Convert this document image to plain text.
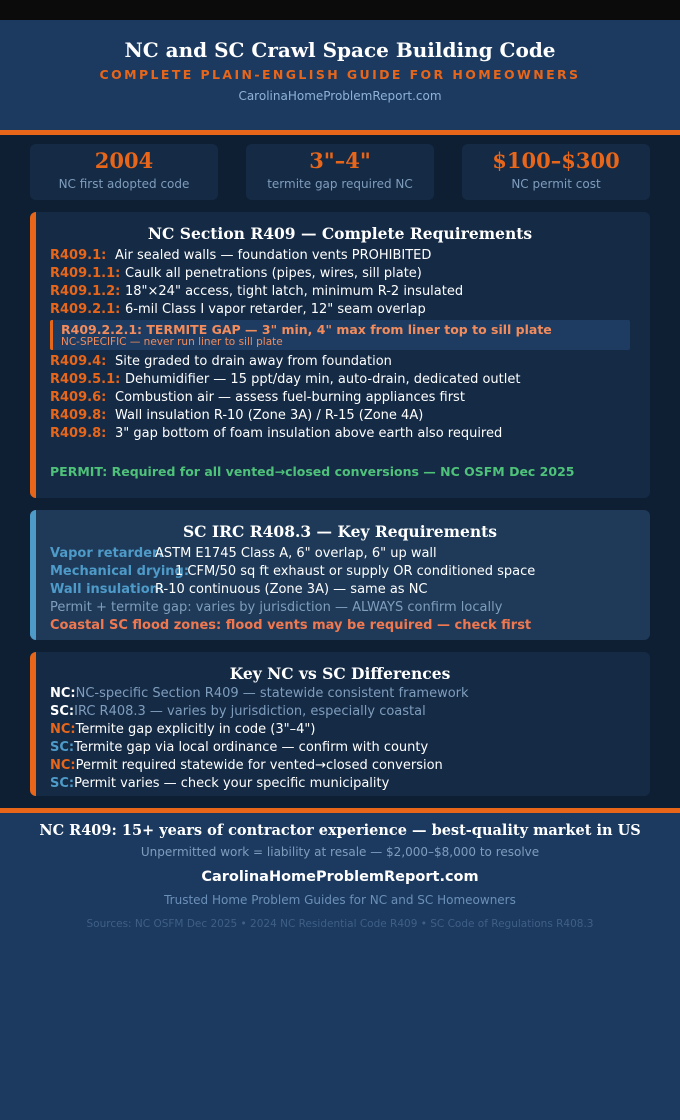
NC and SC Crawl Space Building Code
COMPLETE PLAIN-ENGLISH GUIDE FOR HOMEOWNERS
CarolinaHomeProblemReport.com
2004
NC first adopted code
3"–4"
termite gap required NC
$100–$300
NC permit cost
NC Section R409 — Complete Requirements
R409.1: Air sealed walls — foundation vents PROHIBITED
R409.1.1: Caulk all penetrations (pipes, wires, sill plate)
R409.1.2: 18"×24" access, tight latch, minimum R-2 insulated
R409.2.1: 6-mil Class I vapor retarder, 12" seam overlap
R409.2.2.1: TERMITE GAP — 3" min, 4" max from liner top to sill plate
NC-SPECIFIC — never run liner to sill plate
R409.4: Site graded to drain away from foundation
R409.5.1: Dehumidifier — 15 ppt/day min, auto-drain, dedicated outlet
R409.6: Combustion air — assess fuel-burning appliances first
R409.8: Wall insulation R-10 (Zone 3A) / R-15 (Zone 4A)
R409.8: 3" gap bottom of foam insulation above earth also required
PERMIT: Required for all vented→closed conversions — NC OSFM Dec 2025
SC IRC R408.3 — Key Requirements
Vapor retarder:ASTM E1745 Class A, 6" overlap, 6" up wall
Mechanical drying:1 CFM/50 sq ft exhaust or supply OR conditioned space
Wall insulation:R-10 continuous (Zone 3A) — same as NC
Permit + termite gap: varies by jurisdiction — ALWAYS confirm locally
Coastal SC flood zones: flood vents may be required — check first
Key NC vs SC Differences
NC:NC-specific Section R409 — statewide consistent framework
SC:IRC R408.3 — varies by jurisdiction, especially coastal
NC:Termite gap explicitly in code (3"–4")
SC:Termite gap via local ordinance — confirm with county
NC:Permit required statewide for vented→closed conversion
SC:Permit varies — check your specific municipality
NC R409: 15+ years of contractor experience — best-quality market in US
Unpermitted work = liability at resale — $2,000–$8,000 to resolve
CarolinaHomeProblemReport.com
Trusted Home Problem Guides for NC and SC Homeowners
Sources: NC OSFM Dec 2025 • 2024 NC Residential Code R409 • SC Code of Regulations R408.3
